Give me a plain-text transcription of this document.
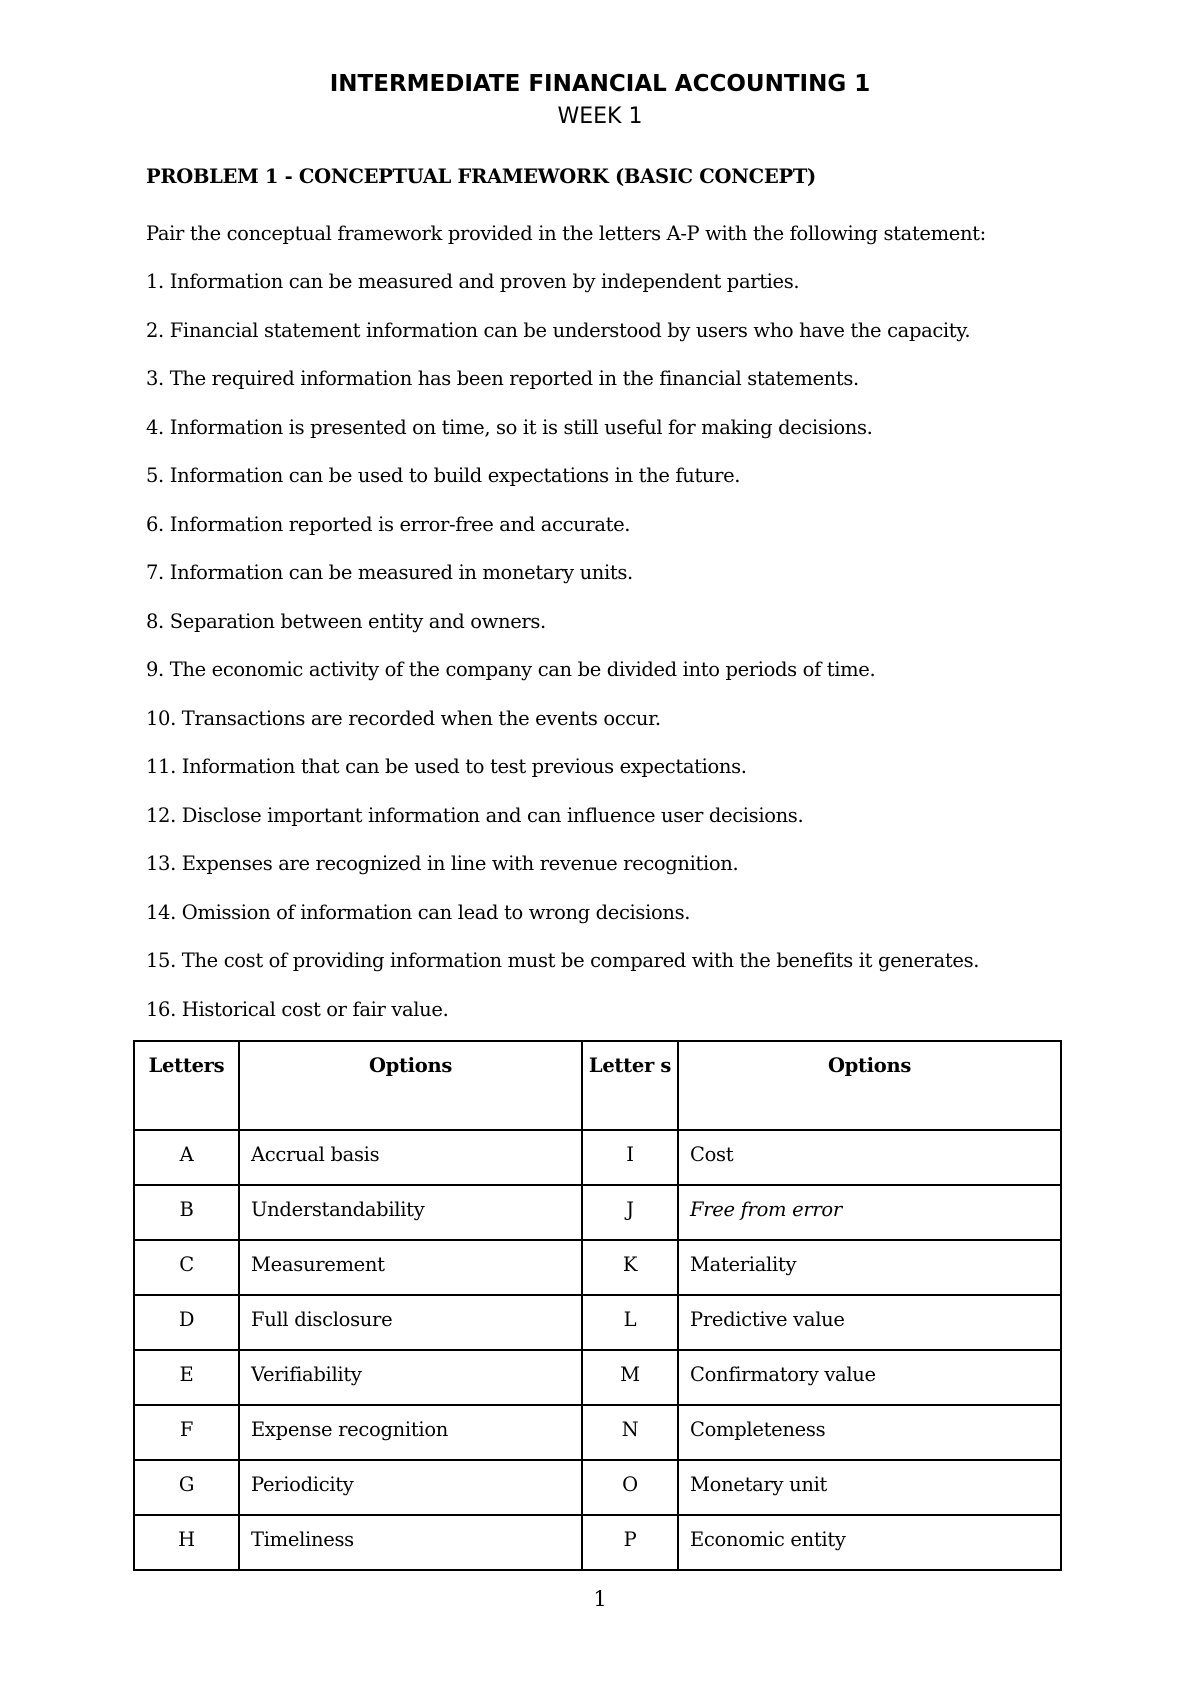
INTERMEDIATE FINANCIAL ACCOUNTING 1
WEEK 1
PROBLEM 1 - CONCEPTUAL FRAMEWORK (BASIC CONCEPT)
Pair the conceptual framework provided in the letters A-P with the following statement:
1. Information can be measured and proven by independent parties.
2. Financial statement information can be understood by users who have the capacity.
3. The required information has been reported in the financial statements.
4. Information is presented on time, so it is still useful for making decisions.
5. Information can be used to build expectations in the future.
6. Information reported is error-free and accurate.
7. Information can be measured in monetary units.
8. Separation between entity and owners.
9. The economic activity of the company can be divided into periods of time.
10. Transactions are recorded when the events occur.
11. Information that can be used to test previous expectations.
12. Disclose important information and can influence user decisions.
13. Expenses are recognized in line with revenue recognition.
14. Omission of information can lead to wrong decisions.
15. The cost of providing information must be compared with the benefits it generates.
16. Historical cost or fair value.
Letters	Options	Letter s	Options
A	Accrual basis	I	Cost
B	Understandability	J	Free from error
C	Measurement	K	Materiality
D	Full disclosure	L	Predictive value
E	Verifiability	M	Confirmatory value
F	Expense recognition	N	Completeness
G	Periodicity	O	Monetary unit
H	Timeliness	P	Economic entity
1
